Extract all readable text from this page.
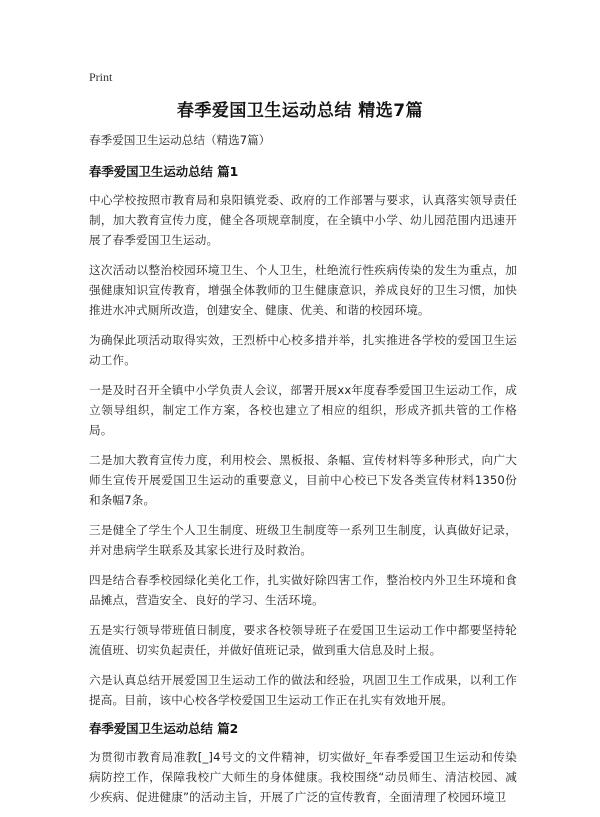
Print
春季爱国卫生运动总结 精选7篇

春季爱国卫生运动总结（精选7篇）

春季爱国卫生运动总结 篇1

中心学校按照市教育局和泉阳镇党委、政府的工作部署与要求，认真落实领导责任制，加大教育宣传力度，健全各项规章制度，在全镇中小学、幼儿园范围内迅速开展了春季爱国卫生运动。

这次活动以整治校园环境卫生、个人卫生，杜绝流行性疾病传染的发生为重点，加强健康知识宣传教育，增强全体教师的卫生健康意识，养成良好的卫生习惯，加快推进水冲式厕所改造，创建安全、健康、优美、和谐的校园环境。

为确保此项活动取得实效，王烈桥中心校多措并举，扎实推进各学校的爱国卫生运动工作。

一是及时召开全镇中小学负责人会议，部署开展xx年度春季爱国卫生运动工作，成立领导组织，制定工作方案，各校也建立了相应的组织，形成齐抓共管的工作格局。

二是加大教育宣传力度，利用校会、黑板报、条幅、宣传材料等多种形式，向广大师生宣传开展爱国卫生运动的重要意义，目前中心校已下发各类宣传材料1350份和条幅7条。

三是健全了学生个人卫生制度、班级卫生制度等一系列卫生制度，认真做好记录，并对患病学生联系及其家长进行及时救治。

四是结合春季校园绿化美化工作，扎实做好除四害工作，整治校内外卫生环境和食品摊点，营造安全、良好的学习、生活环境。

五是实行领导带班值日制度，要求各校领导班子在爱国卫生运动工作中都要坚持轮流值班、切实负起责任，并做好值班记录，做到重大信息及时上报。

六是认真总结开展爱国卫生运动工作的做法和经验，巩固卫生工作成果，以利工作提高。目前，该中心校各学校爱国卫生运动工作正在扎实有效地开展。

春季爱国卫生运动总结 篇2

为贯彻市教育局准教[_]4号文的文件精神，切实做好_年春季爱国卫生运动和传染病防控工作，保障我校广大师生的身体健康。我校围绕“动员师生、清洁校园、减少疾病、促进健康”的活动主旨，开展了广泛的宣传教育，全面清理了校园环境卫
